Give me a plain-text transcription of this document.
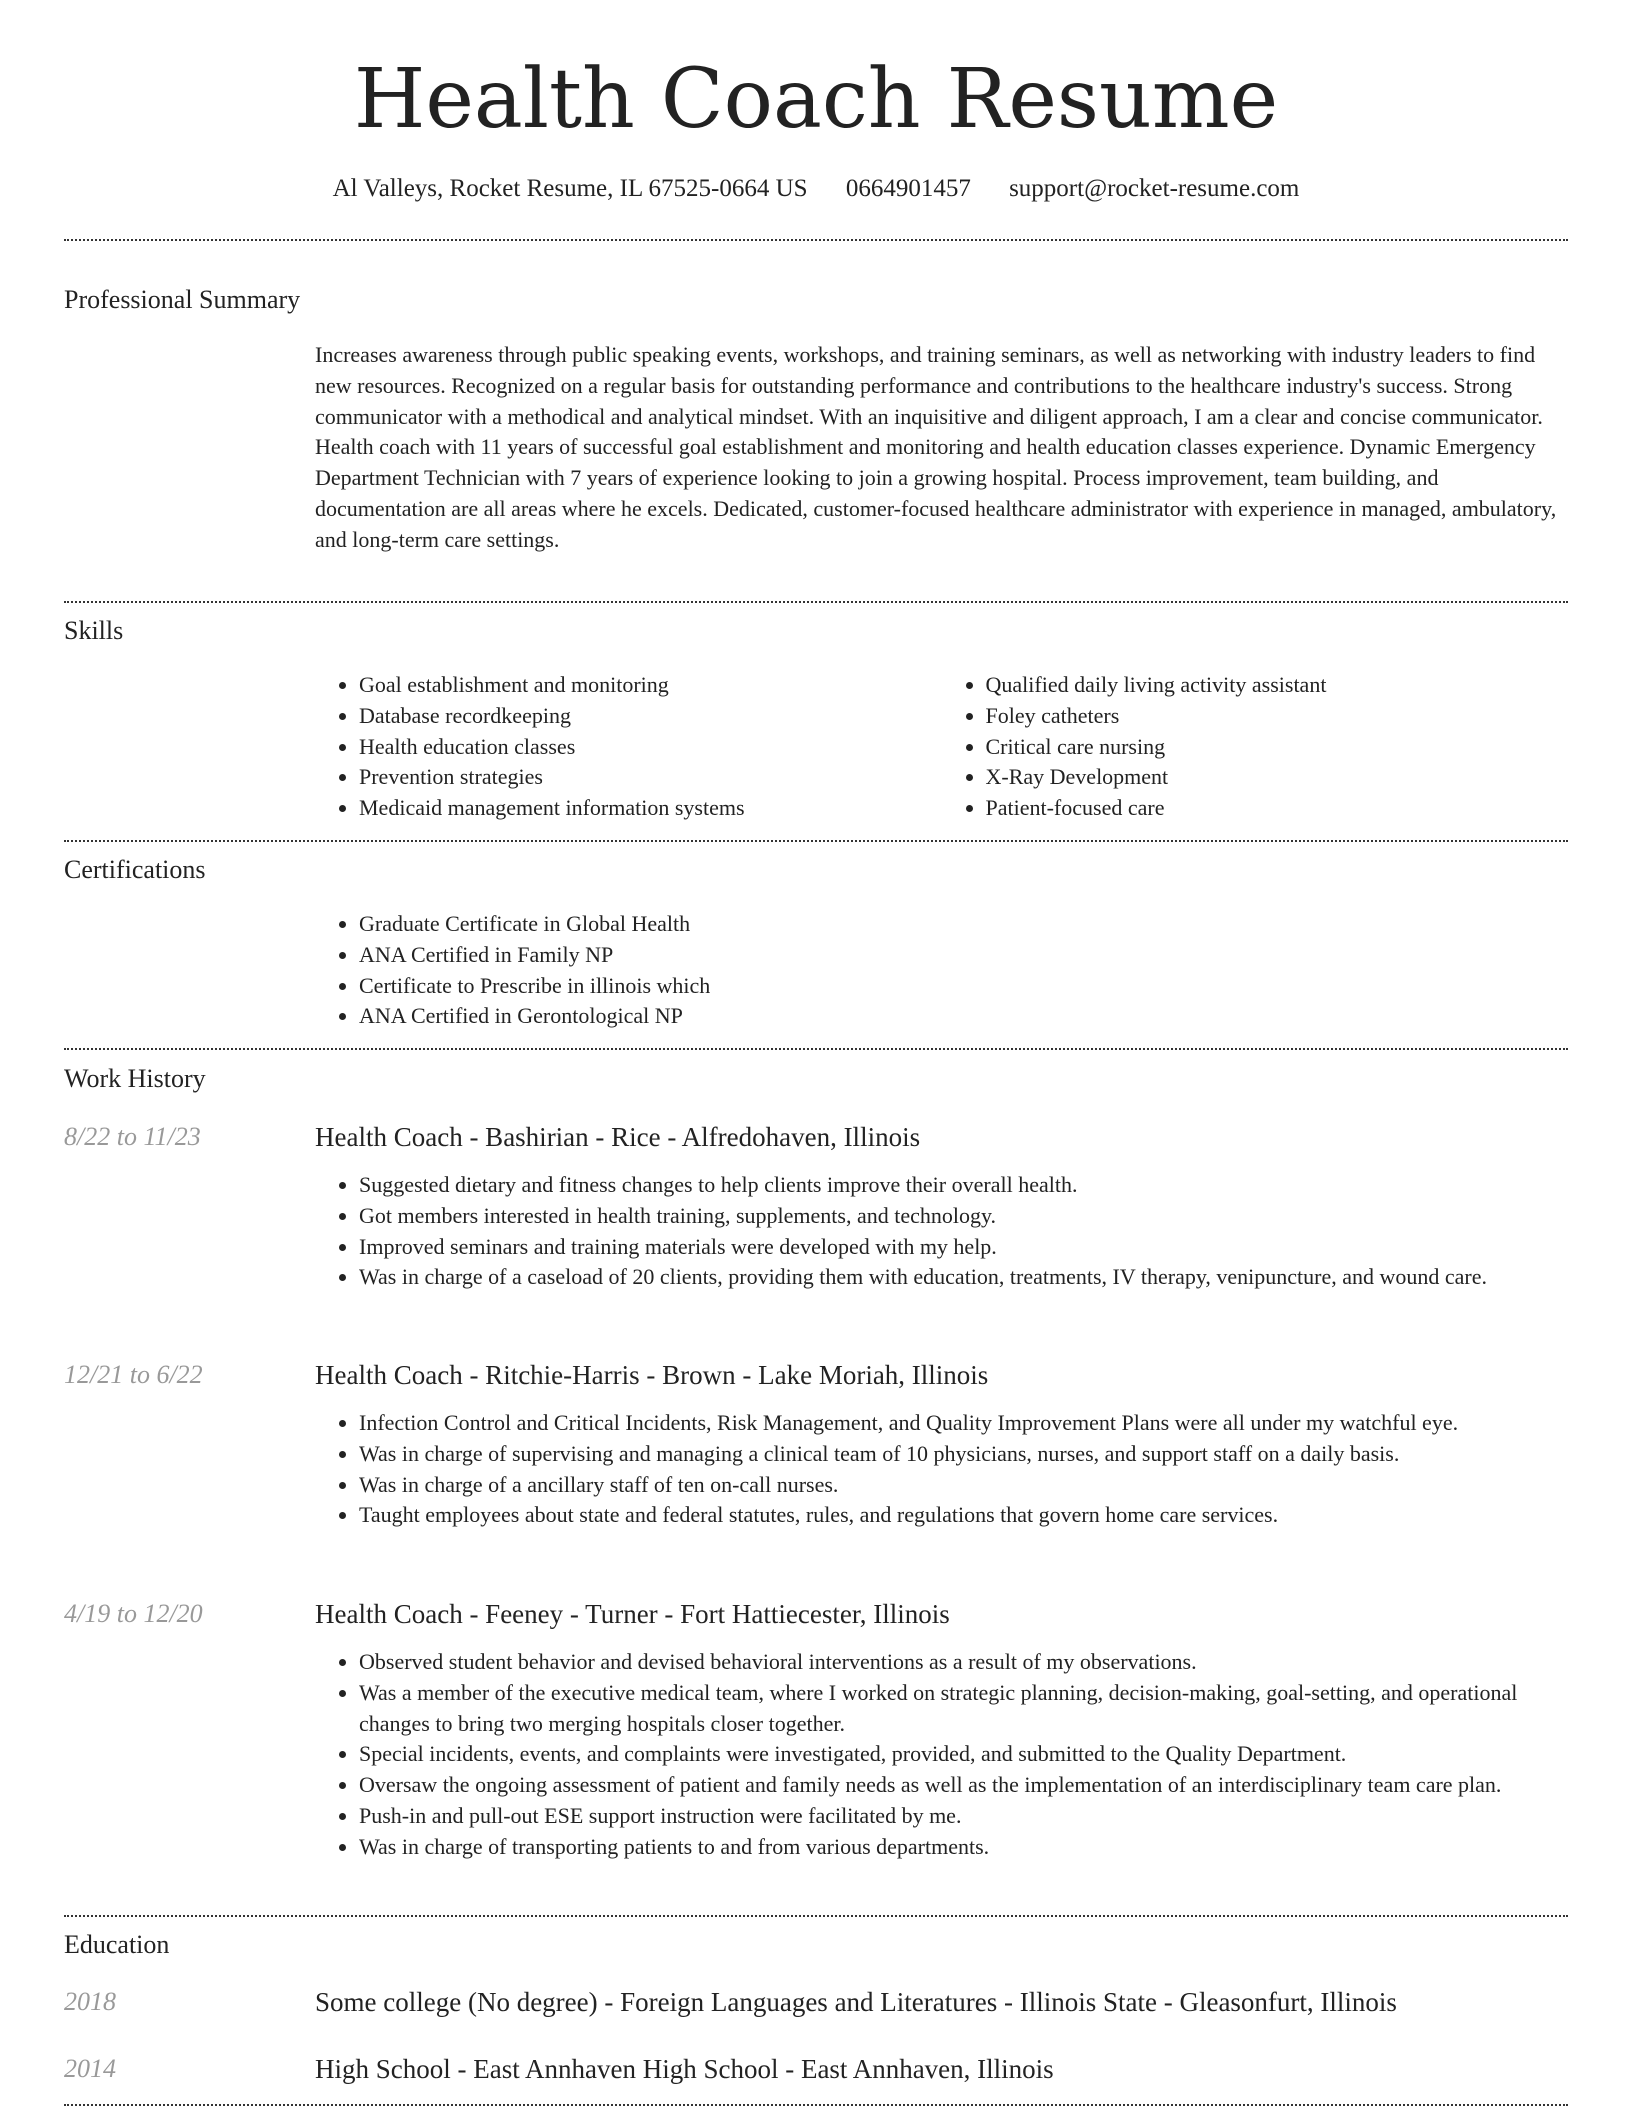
Health Coach Resume
Al Valleys, Rocket Resume, IL 67525-0664 US 0664901457 support@rocket-resume.com
Professional Summary

Increases awareness through public speaking events, workshops, and training seminars, as well as networking with industry leaders to find new resources. Recognized on a regular basis for outstanding performance and contributions to the healthcare industry's success. Strong communicator with a methodical and analytical mindset. With an inquisitive and diligent approach, I am a clear and concise communicator. Health coach with 11 years of successful goal establishment and monitoring and health education classes experience. Dynamic Emergency Department Technician with 7 years of experience looking to join a growing hospital. Process improvement, team building, and documentation are all areas where he excels. Dedicated, customer-focused healthcare administrator with experience in managed, ambulatory, and long-term care settings.

Skills
• Goal establishment and monitoring
• Database recordkeeping
• Health education classes
• Prevention strategies
• Medicaid management information systems
• Qualified daily living activity assistant
• Foley catheters
• Critical care nursing
• X-Ray Development
• Patient-focused care
Certifications
• Graduate Certificate in Global Health
• ANA Certified in Family NP
• Certificate to Prescribe in illinois which
• ANA Certified in Gerontological NP
Work History
8/22 to 11/23	Health Coach - Bashirian - Rice - Alfredohaven, Illinois
• Suggested dietary and fitness changes to help clients improve their overall health.
• Got members interested in health training, supplements, and technology.
• Improved seminars and training materials were developed with my help.
• Was in charge of a caseload of 20 clients, providing them with education, treatments, IV therapy, venipuncture, and wound care.
12/21 to 6/22	Health Coach - Ritchie-Harris - Brown - Lake Moriah, Illinois
• Infection Control and Critical Incidents, Risk Management, and Quality Improvement Plans were all under my watchful eye.
• Was in charge of supervising and managing a clinical team of 10 physicians, nurses, and support staff on a daily basis.
• Was in charge of a ancillary staff of ten on-call nurses.
• Taught employees about state and federal statutes, rules, and regulations that govern home care services.
4/19 to 12/20	Health Coach - Feeney - Turner - Fort Hattiecester, Illinois
• Observed student behavior and devised behavioral interventions as a result of my observations.
• Was a member of the executive medical team, where I worked on strategic planning, decision-making, goal-setting, and operational changes to bring two merging hospitals closer together.
• Special incidents, events, and complaints were investigated, provided, and submitted to the Quality Department.
• Oversaw the ongoing assessment of patient and family needs as well as the implementation of an interdisciplinary team care plan.
• Push-in and pull-out ESE support instruction were facilitated by me.
• Was in charge of transporting patients to and from various departments.
Education
2018	Some college (No degree) - Foreign Languages and Literatures - Illinois State - Gleasonfurt, Illinois
2014	High School - East Annhaven High School - East Annhaven, Illinois
